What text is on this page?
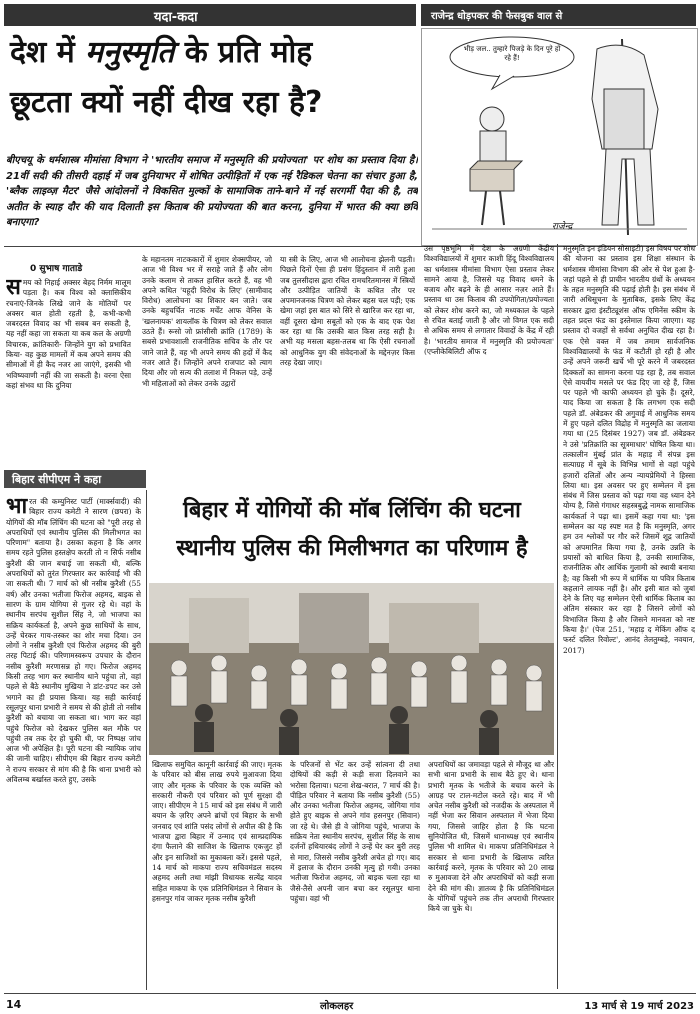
यदा-कदा	राजेन्द्र धोड़पकर की फेसबुक वाल से
भीड़ जल.. तुम्हारे पिजड़े के दिन पूरे हो रहे हैं!
राजेन्द्र
देश में मनुस्मृति के प्रति मोह
छूटता क्यों नहीं दीख रहा है?
बीएचयू के धर्मशास्त्र मीमांसा विभाग ने 'भारतीय समाज में मनुस्मृति की प्रयोज्यता' पर शोध का प्रस्ताव दिया है। 21वीं सदी की तीसरी दहाई में जब दुनियाभर में शोषित उत्पीड़ितों में एक नई रैडिकल चेतना का संचार हुआ है, 'ब्लैक लाइव्ज़ मैटर' जैसे आंदोलनों ने विकसित मुल्कों के सामाजिक ताने-बाने में नई सरगर्मी पैदा की है, तब अतीत के स्याह दौर की याद दिलाती इस किताब की प्रयोज्यता की बात करना, दुनिया में भारत की क्या छवि बनाएगा?
0 सुभाष गाताडे
समय को निहाई अक्सर बेहद निर्मम मालूम पड़ता है। कब विश्व को क्लासिकीय रचनाएं-जिनके लिखे जाने के मोतियों पर अक्सर बात होती रहती है, कभी-कभी जबरदस्त विवाद का भी सबब बन सकती है, यह नहीं कहा जा सकता या कब कल के अग्रणी विचारक, क्रांतिकारी- जिन्होंने युग को प्रभावित किया- वह कुछ मामलों में कब अपने समय की सीमाओं में ही कैद नजर आ जाएंगे, इसकी भी भविष्यवाणी नहीं की जा सकती है। वरना ऐसा कहां संभव था कि दुनिया
के महानतम नाटककारों में शुमार शेक्सपीयर, जो आज भी विश्व भर में सराहे जाते हैं और लोग उनके कलाम से ताकत हासिल करते हैं, वह भी अपने कथित 'यहूदी विरोध के लिए' (सामीवाद विरोध) आलोचना का शिकार बन जाते। जब उनके बहुचर्चित नाटक मर्चेंट आफ वेनिस के 'खलनायक' शायलॉक के चित्रण को लेकर सवाल उठते हैं। रूसो जो फ्रांसीसी क्रांति (1789) के सबसे प्रभावशाली राजनीतिक सचिव के तौर पर जाने जाते हैं, वह भी अपने समय की हदों में कैद नजर आते हैं। जिन्होंने अपने राजपाट को त्याग दिया और जो सत्य की तलाश में निकल पड़े, उन्हें भी महिलाओं को लेकर उनके उद्गारों
या स्त्री के लिए, आज भी आलोचना झेलनी पड़ती। पिछले दिनों ऐसा ही प्रसंग हिंदुस्तान में तारी हुआ जब तुलसीदास द्वारा रचित रामचरितमानस में स्त्रियों और उत्पीड़ित जातियों के कथित तौर पर अपमानजनक चित्रण को लेकर बहस चल पड़ी; एक खेमा जहां इस बात को सिरे से खारिज कर रहा था, वहीं दूसरा खेमा सबूतों को एक के बाद एक पेश कर रहा था कि उसकी बात किस तरह सही है। अभी यह मसला बहस-तलब था कि ऐसी रचनाओं को आधुनिक युग की संवेदनाओं के मद्देनज़र किस तरह देखा जाए।
उस पृष्ठभूमि में देश के अग्रणी केंद्रीय विश्वविद्यालयों में शुमार काशी हिंदू विश्वविद्यालय का धर्मशास्त्र मीमांसा विभाग ऐसा प्रस्ताव लेकर सामने आया है, जिससे यह विवाद थमने के बजाय और बढ़ने के ही आसार नज़र आते हैं। प्रस्ताव था उस किताब की उपयोगिता/प्रयोज्यता को लेकर शोध करने का, जो मध्यकाल के पहले से रचित बताई जाती है और जो विगत एक सदी से अधिक समय से लगातार विवादों के केंद्र में रही है। 'भारतीय समाज में मनुस्मृति की प्रयोज्यता' (एप्लीकेबिलिटी ऑफ द
मनुस्मृति इन इंडियन सोसाइटी) इस विषय पर शोध की योजना का प्रस्ताव इस शिक्षा संस्थान के धर्मशास्त्र मीमांसा विभाग की ओर से पेश हुआ है- जहां पहले से ही प्राचीन भारतीय ग्रंथों के अध्ययन के तहत मनुस्मृति की पढ़ाई होती है। इस संबंध में जारी अधिसूचना के मुताबिक, इसके लिए केंद्र सरकार द्वारा इंस्टीट्यूशंस ऑफ एमिनेंस स्कीम के तहत प्रदत्त फंड का इस्तेमाल किया जाएगा। यह प्रस्ताव दो वजहों से सर्वथा अनुचित दीख रहा है। एक ऐसे वक्त में जब तमाम सार्वजनिक विश्वविद्यालयों के फंड में कटौती हो रही है और उन्हें अपने जरूरी खर्चे भी पूरे करने में जबरदस्त दिक्कतों का सामना करना पड़ रहा है, तब सवाल ऐसे वायवीय मसले पर फंड दिए जा रहे हैं, जिस पर पहले भी काफी अध्ययन हो चुके हैं। दूसरे, याद किया जा सकता है कि लगभग एक सदी पहले डॉ. अंबेडकर की अगुवाई में आधुनिक समय में हुए पहले दलित विद्रोह में मनुस्मृति का जलाया गया था (25 दिसंबर 1927) जब डॉ. अंबेडकर ने उसे 'प्रतिक्रांति का सूत्रमाधार' घोषित किया था। तत्कालीन मुंबई प्रांत के महाड़ में संपन्न इस सत्याग्रह में सूबे के विभिन्न भागों से वहां पहुंचे हजारों दलितों और अन्य न्यायप्रेमियों ने हिस्सा लिया था। इस अवसर पर हुए सम्मेलन में इस संबंध में जिस प्रस्ताव को पढ़ा गया वह ध्यान देने योग्य है, जिसे गंगाधर सहस्त्रबुद्धे नामक सामाजिक कार्यकर्ता ने पढ़ा था। इसमें कहा गया था: 'इस सम्मेलन का यह स्पष्ट मत है कि मनुस्मृति, अगर हम उन श्लोकों पर गौर करें जिसमें शूद्र जातियों को अपमानित किया गया है, उनके उन्नति के प्रयासों को बाधित किया है, उनकी सामाजिक, राजनीतिक और आर्थिक गुलामी को स्थायी बनाया है; वह किसी भी रूप में धार्मिक या पवित्र किताब कहलाने लायक नहीं है। और इसी बात को जुबां देने के लिए यह सम्मेलन ऐसी धार्मिक किताब का अंतिम संस्कार कर रहा है जिसने लोगों को विभाजित किया है और जिसने मानवता को नष्ट किया है।' (पेज 251, 'महाड़ द मेकिंग ऑफ द फर्स्ट दलित रिवोल्ट', आनंद तेलतुम्बड़े, नवयान, 2017)
बिहार सीपीएम ने कहा
भारत की कम्युनिस्ट पार्टी (मार्क्सवादी) की बिहार राज्य कमेटी ने सारण (छपरा) के योगियों की मॉब लिंचिंग की घटना को "पूरी तरह से अपराधियों एवं स्थानीय पुलिस की मिलीभगत का परिणाम" बताया है। उसका कहना है कि अगर समय रहते पुलिस हस्तक्षेप करती तो न सिर्फ नसीब कुरैशी की जान बचाई जा सकती थी, बल्कि अपराधियों को तुरंत गिरफ्तार कर कार्रवाई भी की जा सकती थी। 7 मार्च को श्री नसीब कुरैशी (55 वर्ष) और उनका भतीजा फिरोज अहमद, बाइक से सारण के ग्राम योगिया से गुजर रहे थे। वहां के स्थानीय सरपंच सुशील सिंह ने, जो भाजपा का सक्रिय कार्यकर्ता है, अपने कुछ साथियों के साथ, उन्हें घेरकर गाय-तस्कर का शोर मचा दिया। उन लोगों ने नसीब कुरैशी एवं फिरोज अहमद की बुरी तरह पिटाई की। परिणामस्वरूप उपचार के दौरान नसीब कुरैशी मरणासन्न हो गए। फिरोज अहमद किसी तरह भाग कर स्थानीय थाने पहुंचा तो, वहां पहले से बैठे स्थानीय मुखिया ने डांट-डपट कर उसे भगाने का ही प्रयास किया। यह सही कार्रवाई रसूलपुर थाना प्रभारी ने समय से की होती तो नसीब कुरैशी को बचाया जा सकता था। भाग कर वहां पहुंचे फिरोज को देखकर पुलिस बल मौके पर पहुंची तब तक देर हो चुकी थी, पर निष्पक्ष जांच आज भी अपेक्षित है। पूरी घटना की न्यायिक जांच की जानी चाहिए। सीपीएम की बिहार राज्य कमेटी ने राज्य सरकार से मांग की है कि थाना प्रभारी को अविलम्ब बर्खास्त करते हुए, उसके
बिहार में योगियों की मॉब लिंचिंग की घटना
स्थानीय पुलिस की मिलीभगत का परिणाम है
खिलाफ समुचित कानूनी कार्रवाई की जाए। मृतक के परिवार को बीस लाख रुपये मुआवजा दिया जाए और मृतक के परिवार के एक व्यक्ति को सरकारी नौकरी एवं परिवार को पूर्ण सुरक्षा दी जाए। सीपीएम ने 15 मार्च को इस संबंध में जारी बयान के ज़रिए अपने ब्रांचों एवं बिहार के सभी जनवाद एवं शांति पसंद लोगों से अपील की है कि भाजपा द्वारा बिहार में उन्माद एवं साम्प्रदायिक दंगा फैलाने की साजिश के खिलाफ एकजुट हों और इन साजिशों का मुकाबला करें। इससे पहले, 14 मार्च को माकपा राज्य सचिवमंडल सदस्य अहमद अली तथा मांझी विधायक सत्येंद्र यादव सहित माकपा के एक प्रतिनिधिमंडल ने सिवान के हसनपुर गांव जाकर मृतक नसीब कुरैशी
के परिजनों से भेंट कर उन्हें सांत्वना दी तथा दोषियों की कड़ी से कड़ी सजा दिलवाने का भरोसा दिलाया। घटना शेख-बरात, 7 मार्च की है। पीड़ित परिवार ने बताया कि नसीब कुरैशी (55) और उनका भतीजा फिरोज अहमद, जोगिया गांव होते हुए बाइक से अपने गांव हसनपुर (सिवान) जा रहे थे। जैसे ही वे जोगिया पहुंचे, भाजपा के सक्रिय नेता स्थानीय सरपंच, सुशील सिंह के साथ दर्जनों हथियारबंद लोगों ने उन्हें घेर कर बुरी तरह से मारा, जिससे नसीब कुरैशी अचेत हो गए। बाद में इलाज के दौरान उनकी मृत्यु हो गयी। उनका भतीजा फिरोज अहमद, जो बाइक चला रहा था जैसे-तैसे अपनी जान बचा कर रसूलपुर थाना पहुंचा। वहां भी
अपराधियों का जमावड़ा पहले से मौजूद था और सभी थाना प्रभारी के साथ बैठे हुए थे। थाना प्रभारी मृतक के भतीजे के बचाव करने के आग्रह पर टाल-मटोल करते रहे। बाद में भी अचेत नसीब कुरैशी को नजदीक के अस्पताल में नहीं भेजा कर सिवान अस्पताल में भेजा दिया गया, जिससे जाहिर होता है कि घटना सुनियोजित थी, जिसमें थानाध्यक्ष एवं स्थानीय पुलिस भी शामिल थे। माकपा प्रतिनिधिमंडल ने सरकार से थाना प्रभारी के खिलाफ त्वरित कार्रवाई करने, मृतक के परिवार को 20 लाख रु मुआवजा देने और अपराधियों को कड़ी सजा देने की मांग की। ज्ञातव्य है कि प्रतिनिधिमंडल के योगियों पहुंचने तक तीन अपराधी गिरफ्तार किये जा चुके थे।
14	लोकलहर	13 मार्च से 19 मार्च 2023
